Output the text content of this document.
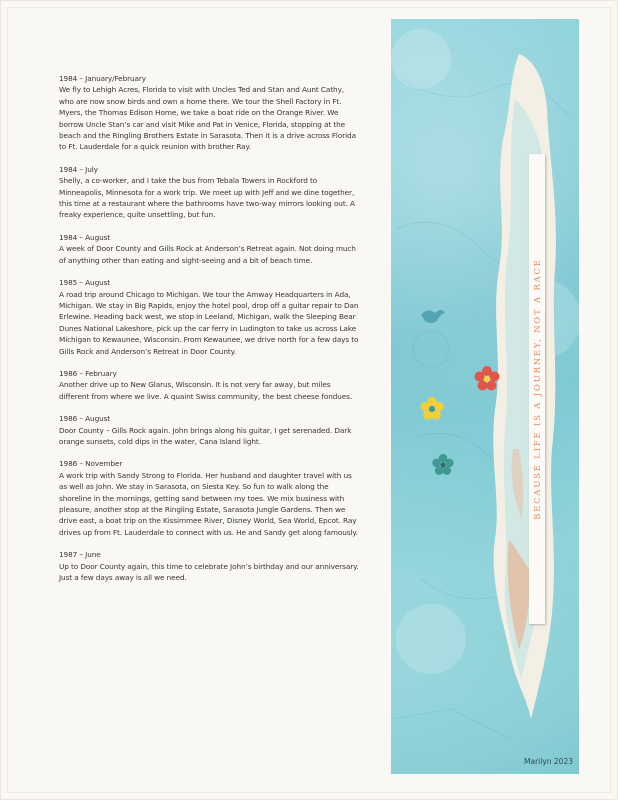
1984 – January/February
We fly to Lehigh Acres, Florida to visit with Uncles Ted and Stan and Aunt Cathy, who are now snow birds and own a home there. We tour the Shell Factory in Ft. Myers, the Thomas Edison Home, we take a boat ride on the Orange River. We borrow Uncle Stan’s car and visit Mike and Pat in Venice, Florida, stopping at the beach and the Ringling Brothers Estate in Sarasota. Then it is a drive across Florida to Ft. Lauderdale for a quick reunion with brother Ray.
1984 – July
Shelly, a co-worker, and I take the bus from Tebala Towers in Rockford to Minneapolis, Minnesota for a work trip. We meet up with Jeff and we dine together, this time at a restaurant where the bathrooms have two-way mirrors looking out. A freaky experience, quite unsettling, but fun.
1984 – August
A week of Door County and Gills Rock at Anderson’s Retreat again. Not doing much of anything other than eating and sight-seeing and a bit of beach time.
1985 – August
A road trip around Chicago to Michigan. We tour the Amway Headquarters in Ada, Michigan. We stay in Big Rapids, enjoy the hotel pool, drop off a guitar repair to Dan Erlewine. Heading back west, we stop in Leeland, Michigan, walk the Sleeping Bear Dunes National Lakeshore, pick up the car ferry in Ludington to take us across Lake Michigan to Kewaunee, Wisconsin. From Kewaunee, we drive north for a few days to Gills Rock and Anderson’s Retreat in Door County.
1986 – February
Another drive up to New Glarus, Wisconsin. It is not very far away, but miles different from where we live. A quaint Swiss community, the best cheese fondues.
1986 – August
Door County – Gills Rock again. John brings along his guitar, I get serenaded. Dark orange sunsets, cold dips in the water, Cana Island light.
1986 – November
A work trip with Sandy Strong to Florida. Her husband and daughter travel with us as well as John. We stay in Sarasota, on Siesta Key. So fun to walk along the shoreline in the mornings, getting sand between my toes. We mix business with pleasure, another stop at the Ringling Estate, Sarasota Jungle Gardens. Then we drive east, a boat trip on the Kissimmee River, Disney World, Sea World, Epcot. Ray drives up from Ft. Lauderdale to connect with us. He and Sandy get along famously.
1987 – June
Up to Door County again, this time to celebrate John’s birthday and our anniversary. Just a few days away is all we need.
BECAUSE LIFE IS A JOURNEY, NOT A RACE
Marilyn 2023
